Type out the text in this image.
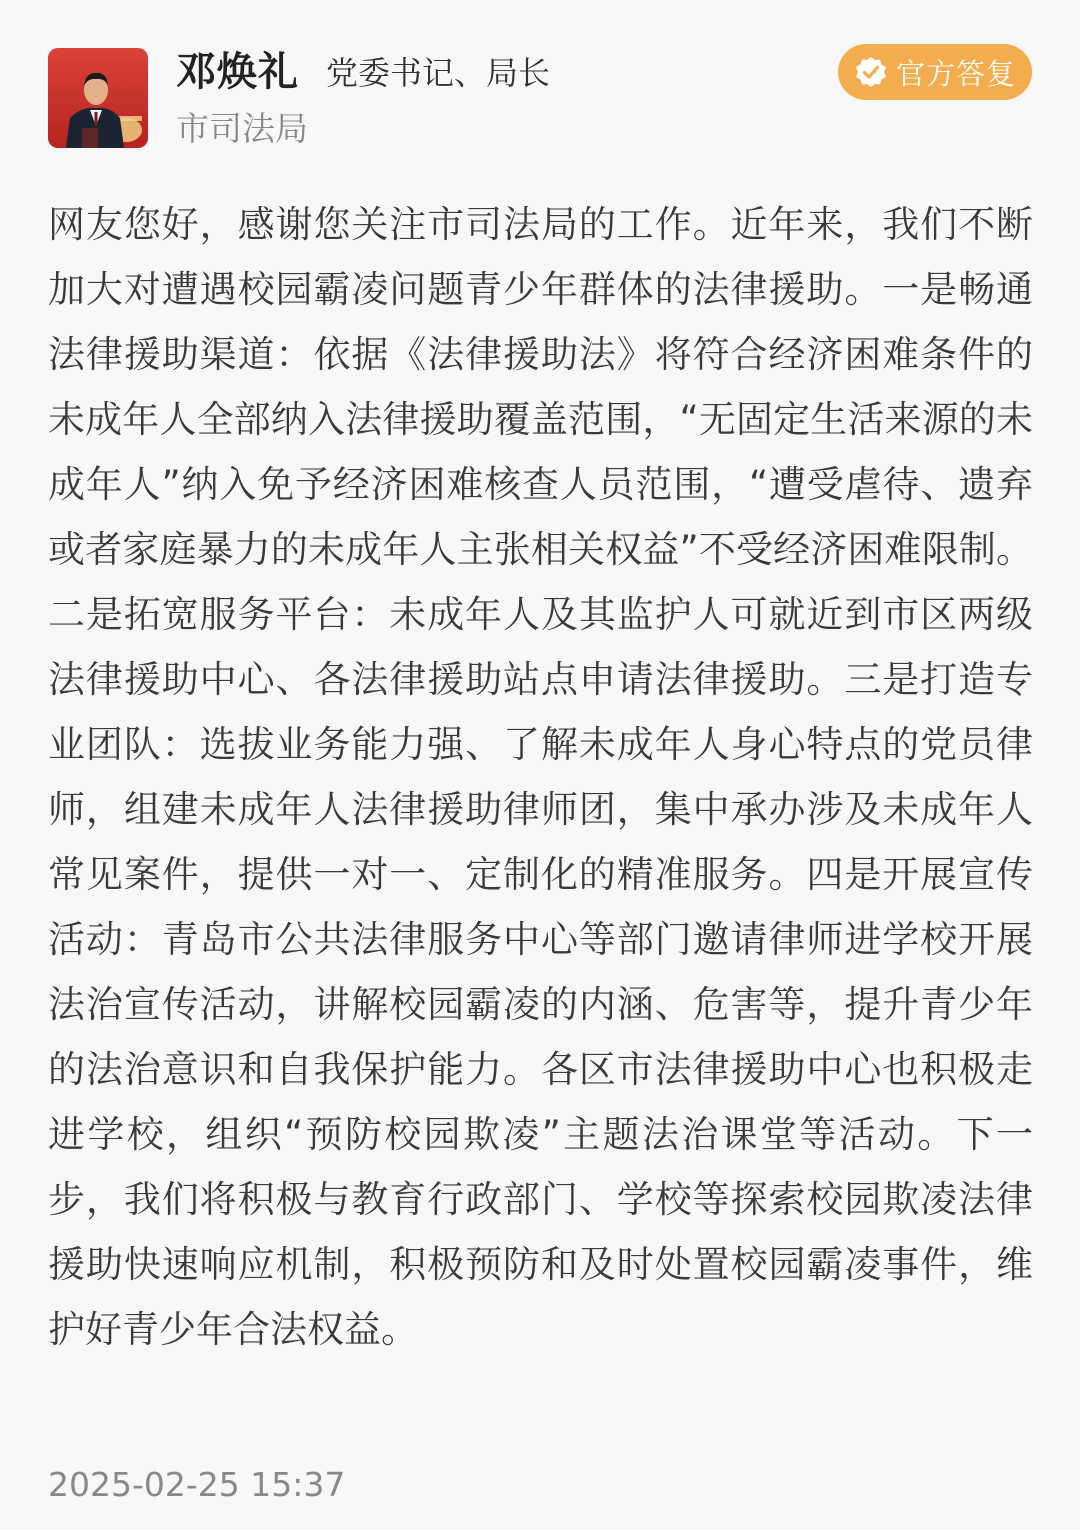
邓焕礼 党委书记、局长
市司法局
官方答复

网友您好，感谢您关注市司法局的工作。近年来，我们不断加大对遭遇校园霸凌问题青少年群体的法律援助。一是畅通法律援助渠道：依据《法律援助法》将符合经济困难条件的未成年人全部纳入法律援助覆盖范围，“无固定生活来源的未成年人”纳入免予经济困难核查人员范围，“遭受虐待、遗弃或者家庭暴力的未成年人主张相关权益”不受经济困难限制。二是拓宽服务平台：未成年人及其监护人可就近到市区两级法律援助中心、各法律援助站点申请法律援助。三是打造专业团队：选拔业务能力强、了解未成年人身心特点的党员律师，组建未成年人法律援助律师团，集中承办涉及未成年人常见案件，提供一对一、定制化的精准服务。四是开展宣传活动：青岛市公共法律服务中心等部门邀请律师进学校开展法治宣传活动，讲解校园霸凌的内涵、危害等，提升青少年的法治意识和自我保护能力。各区市法律援助中心也积极走进学校，组织“预防校园欺凌”主题法治课堂等活动。下一步，我们将积极与教育行政部门、学校等探索校园欺凌法律援助快速响应机制，积极预防和及时处置校园霸凌事件，维护好青少年合法权益。

2025-02-25 15:37
